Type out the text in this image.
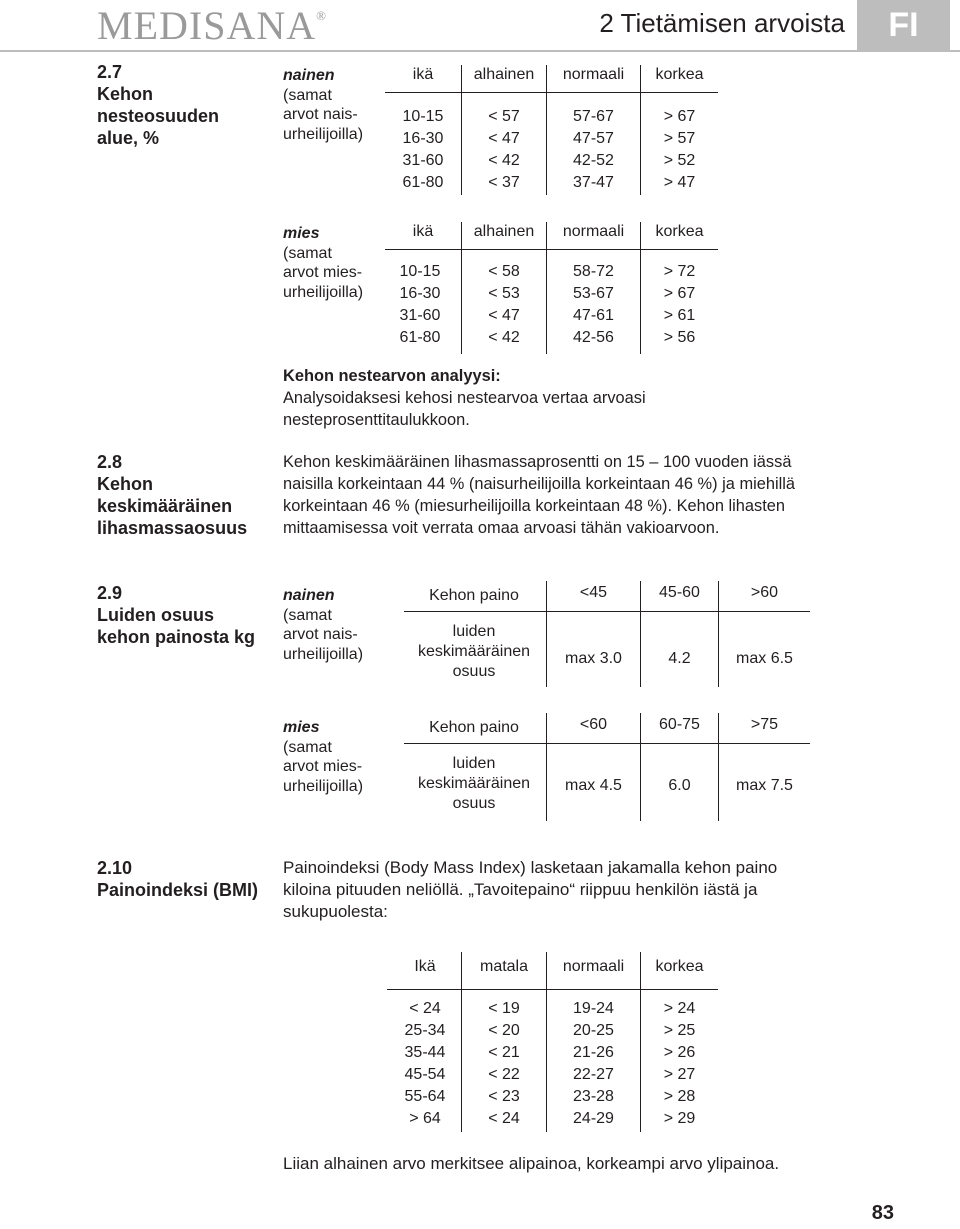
MEDISANA®	2 Tietämisen arvoista	FI
2.7
Kehon
nesteosuuden
alue, %
nainen
(samat
arvot nais-
urheilijoilla)
ikä	alhainen	normaali	korkea
10-15	< 57	57-67	> 67
16-30	< 47	47-57	> 57
31-60	< 42	42-52	> 52
61-80	< 37	37-47	> 47
mies
(samat
arvot mies-
urheilijoilla)
ikä	alhainen	normaali	korkea
10-15	< 58	58-72	> 72
16-30	< 53	53-67	> 67
31-60	< 47	47-61	> 61
61-80	< 42	42-56	> 56
Kehon nestearvon analyysi:
Analysoidaksesi kehosi nestearvoa vertaa arvoasi
nesteprosenttitaulukkoon.
2.8
Kehon
keskimääräinen
lihasmassaosuus
Kehon keskimääräinen lihasmassaprosentti on 15 – 100 vuoden iässä
naisilla korkeintaan 44 % (naisurheilijoilla korkeintaan 46 %) ja miehillä
korkeintaan 46 % (miesurheilijoilla korkeintaan 48 %). Kehon lihasten
mittaamisessa voit verrata omaa arvoasi tähän vakioarvoon.
2.9
Luiden osuus
kehon painosta kg
nainen
(samat
arvot nais-
urheilijoilla)
Kehon paino	<45	45-60	>60
luiden
keskimääräinen
osuus
max 3.0	4.2	max 6.5
mies
(samat
arvot mies-
urheilijoilla)
Kehon paino	<60	60-75	>75
luiden
keskimääräinen
osuus
max 4.5	6.0	max 7.5
2.10
Painoindeksi (BMI)
Painoindeksi (Body Mass Index) lasketaan jakamalla kehon paino
kiloina pituuden neliöllä. „Tavoitepaino“ riippuu henkilön iästä ja
sukupuolesta:
Ikä	matala	normaali	korkea
< 24	< 19	19-24	> 24
25-34	< 20	20-25	> 25
35-44	< 21	21-26	> 26
45-54	< 22	22-27	> 27
55-64	< 23	23-28	> 28
> 64	< 24	24-29	> 29
Liian alhainen arvo merkitsee alipainoa, korkeampi arvo ylipainoa.
83
